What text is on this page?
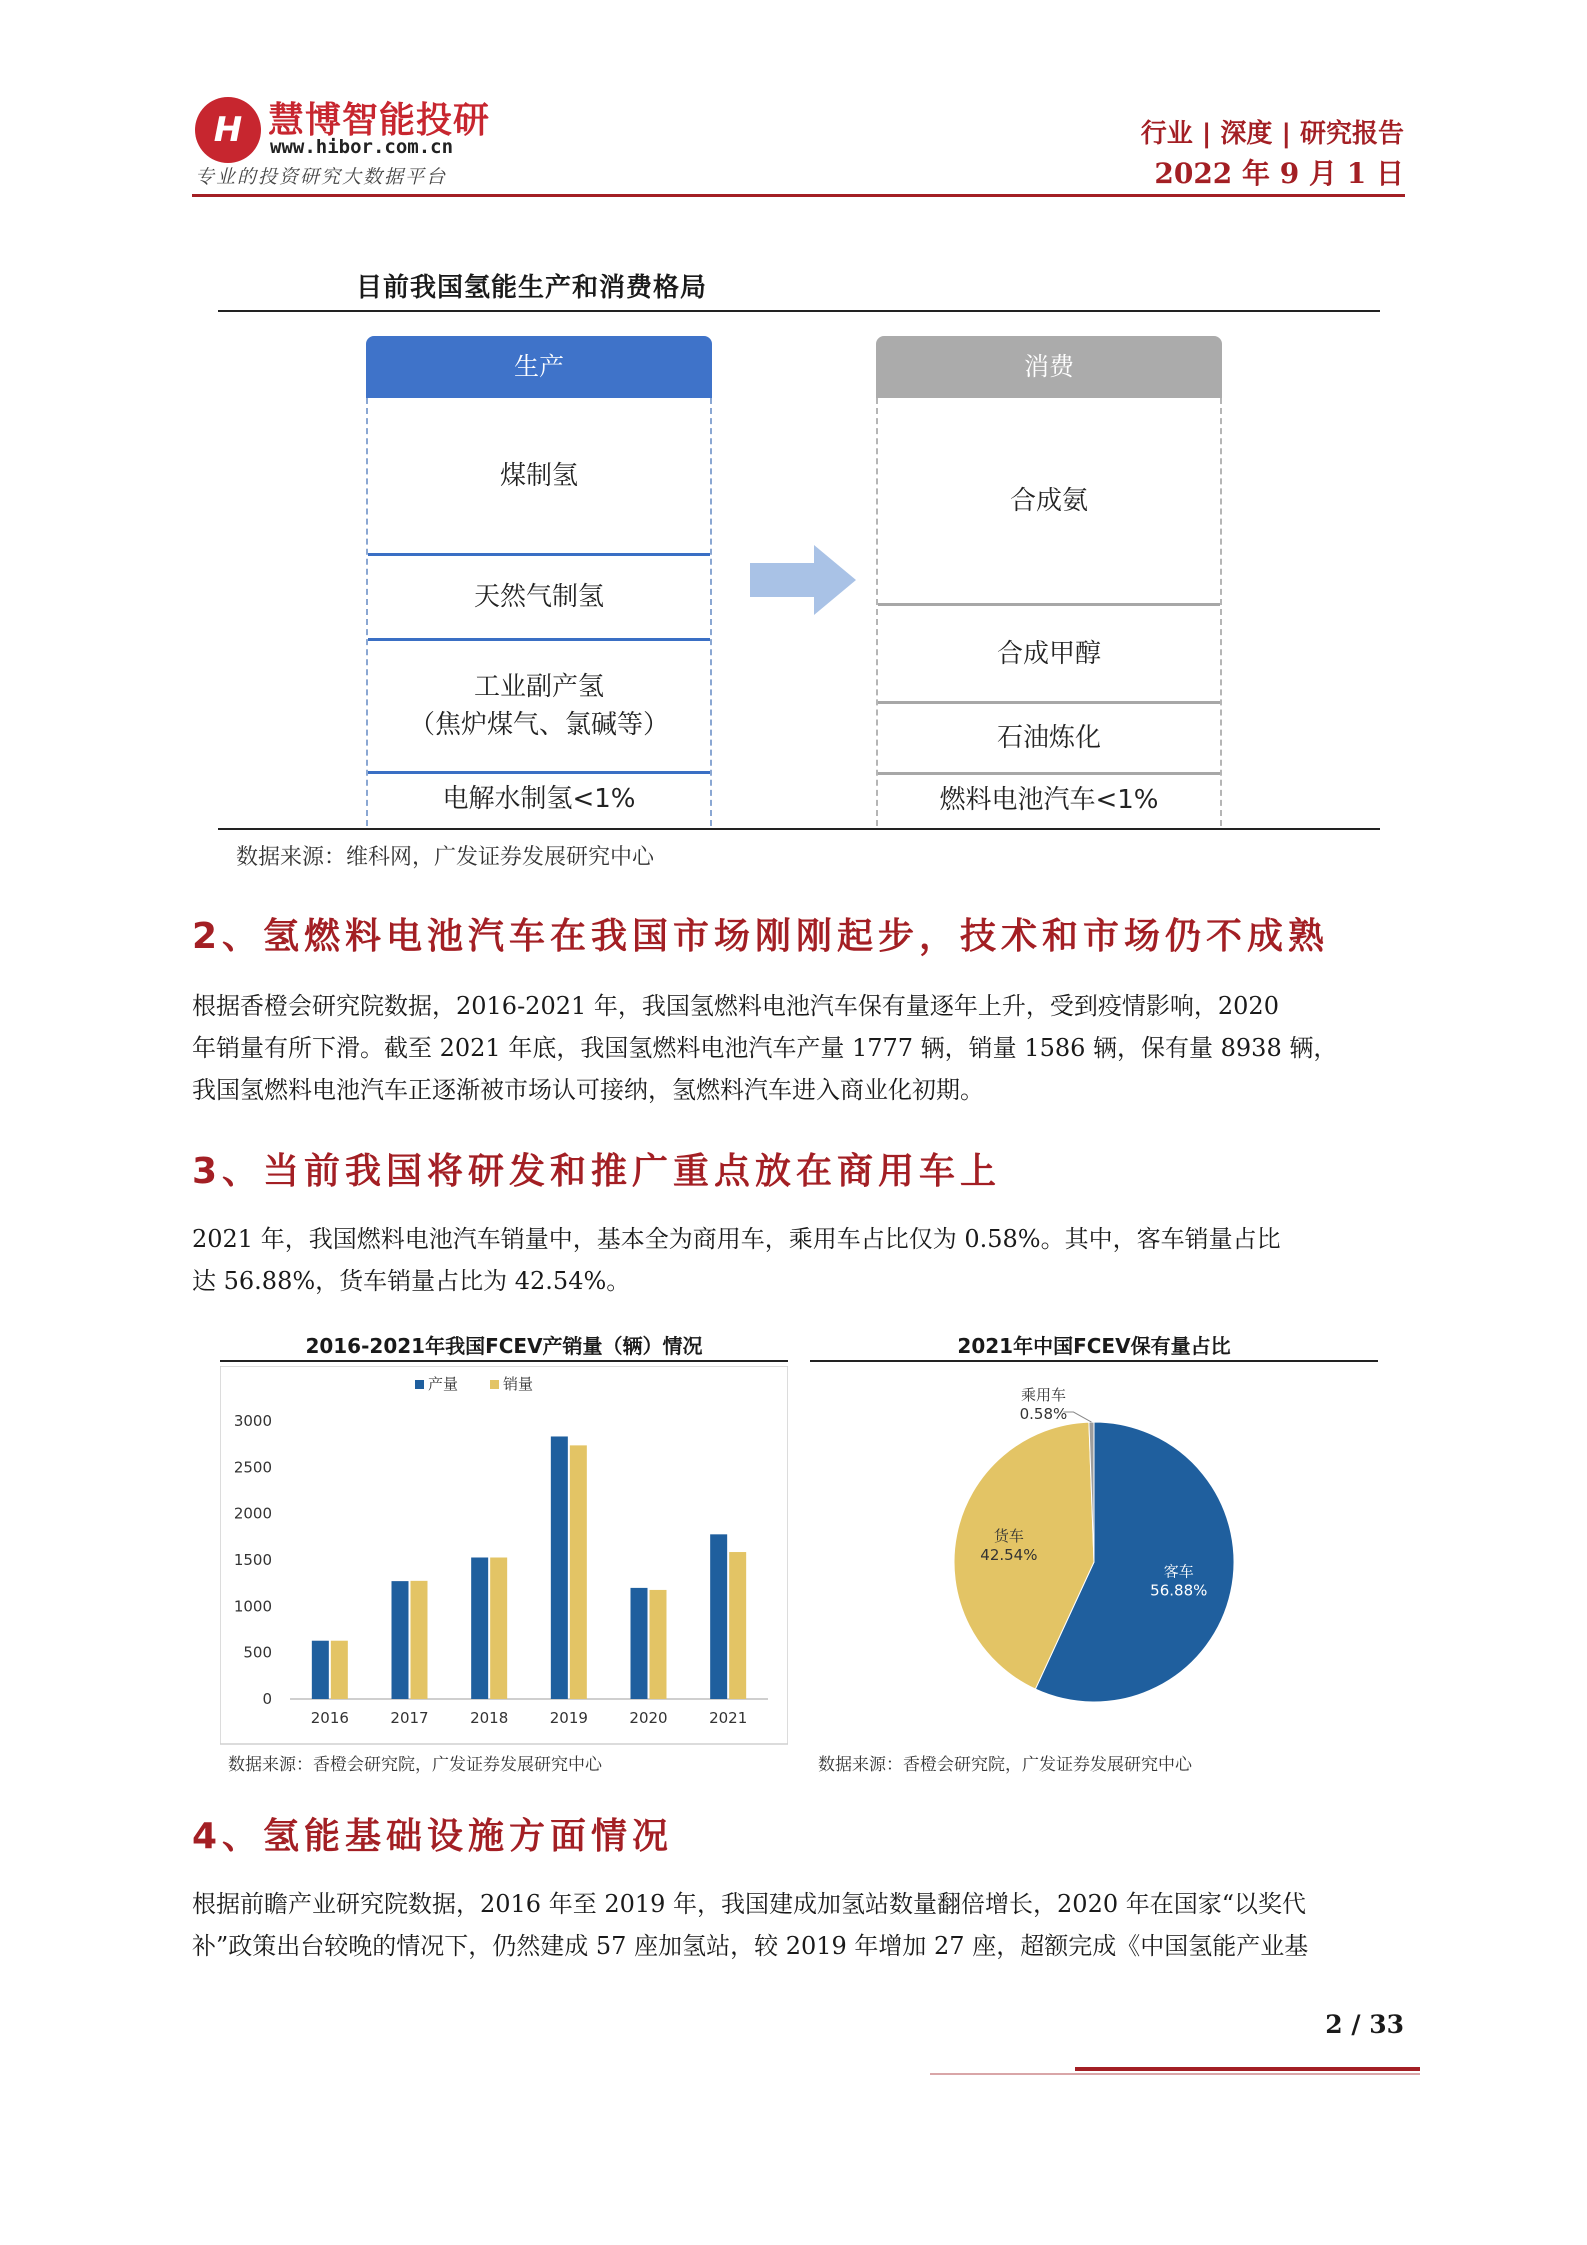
H 慧博智能投研
www.hibor.com.cn
专业的投资研究大数据平台
行业 | 深度 | 研究报告
2022 年 9 月 1 日
目前我国氢能生产和消费格局
生产
煤制氢
天然气制氢
工业副产氢
（焦炉煤气、氯碱等）
电解水制氢<1%
消费
合成氨
合成甲醇
石油炼化
燃料电池汽车<1%
数据来源：维科网，广发证券发展研究中心
2、氢燃料电池汽车在我国市场刚刚起步，技术和市场仍不成熟
根据香橙会研究院数据，2016-2021 年，我国氢燃料电池汽车保有量逐年上升，受到疫情影响，2020
年销量有所下滑。截至 2021 年底，我国氢燃料电池汽车产量 1777 辆，销量 1586 辆，保有量 8938 辆，
我国氢燃料电池汽车正逐渐被市场认可接纳，氢燃料汽车进入商业化初期。
3、当前我国将研发和推广重点放在商用车上
2021 年，我国燃料电池汽车销量中，基本全为商用车，乘用车占比仅为 0.58%。其中，客车销量占比
达 56.88%，货车销量占比为 42.54%。
2016-2021年我国FCEV产销量（辆）情况
产量	销量
0
500
1000
1500
2000
2500
3000
2016	2017	2018	2019	2020	2021
数据来源：香橙会研究院，广发证券发展研究中心
2021年中国FCEV保有量占比
客车
56.88%
货车
42.54%
乘用车
0.58%
数据来源：香橙会研究院，广发证券发展研究中心
4、氢能基础设施方面情况
根据前瞻产业研究院数据，2016 年至 2019 年，我国建成加氢站数量翻倍增长，2020 年在国家“以奖代
补”政策出台较晚的情况下，仍然建成 57 座加氢站，较 2019 年增加 27 座，超额完成《中国氢能产业基
2 / 33
